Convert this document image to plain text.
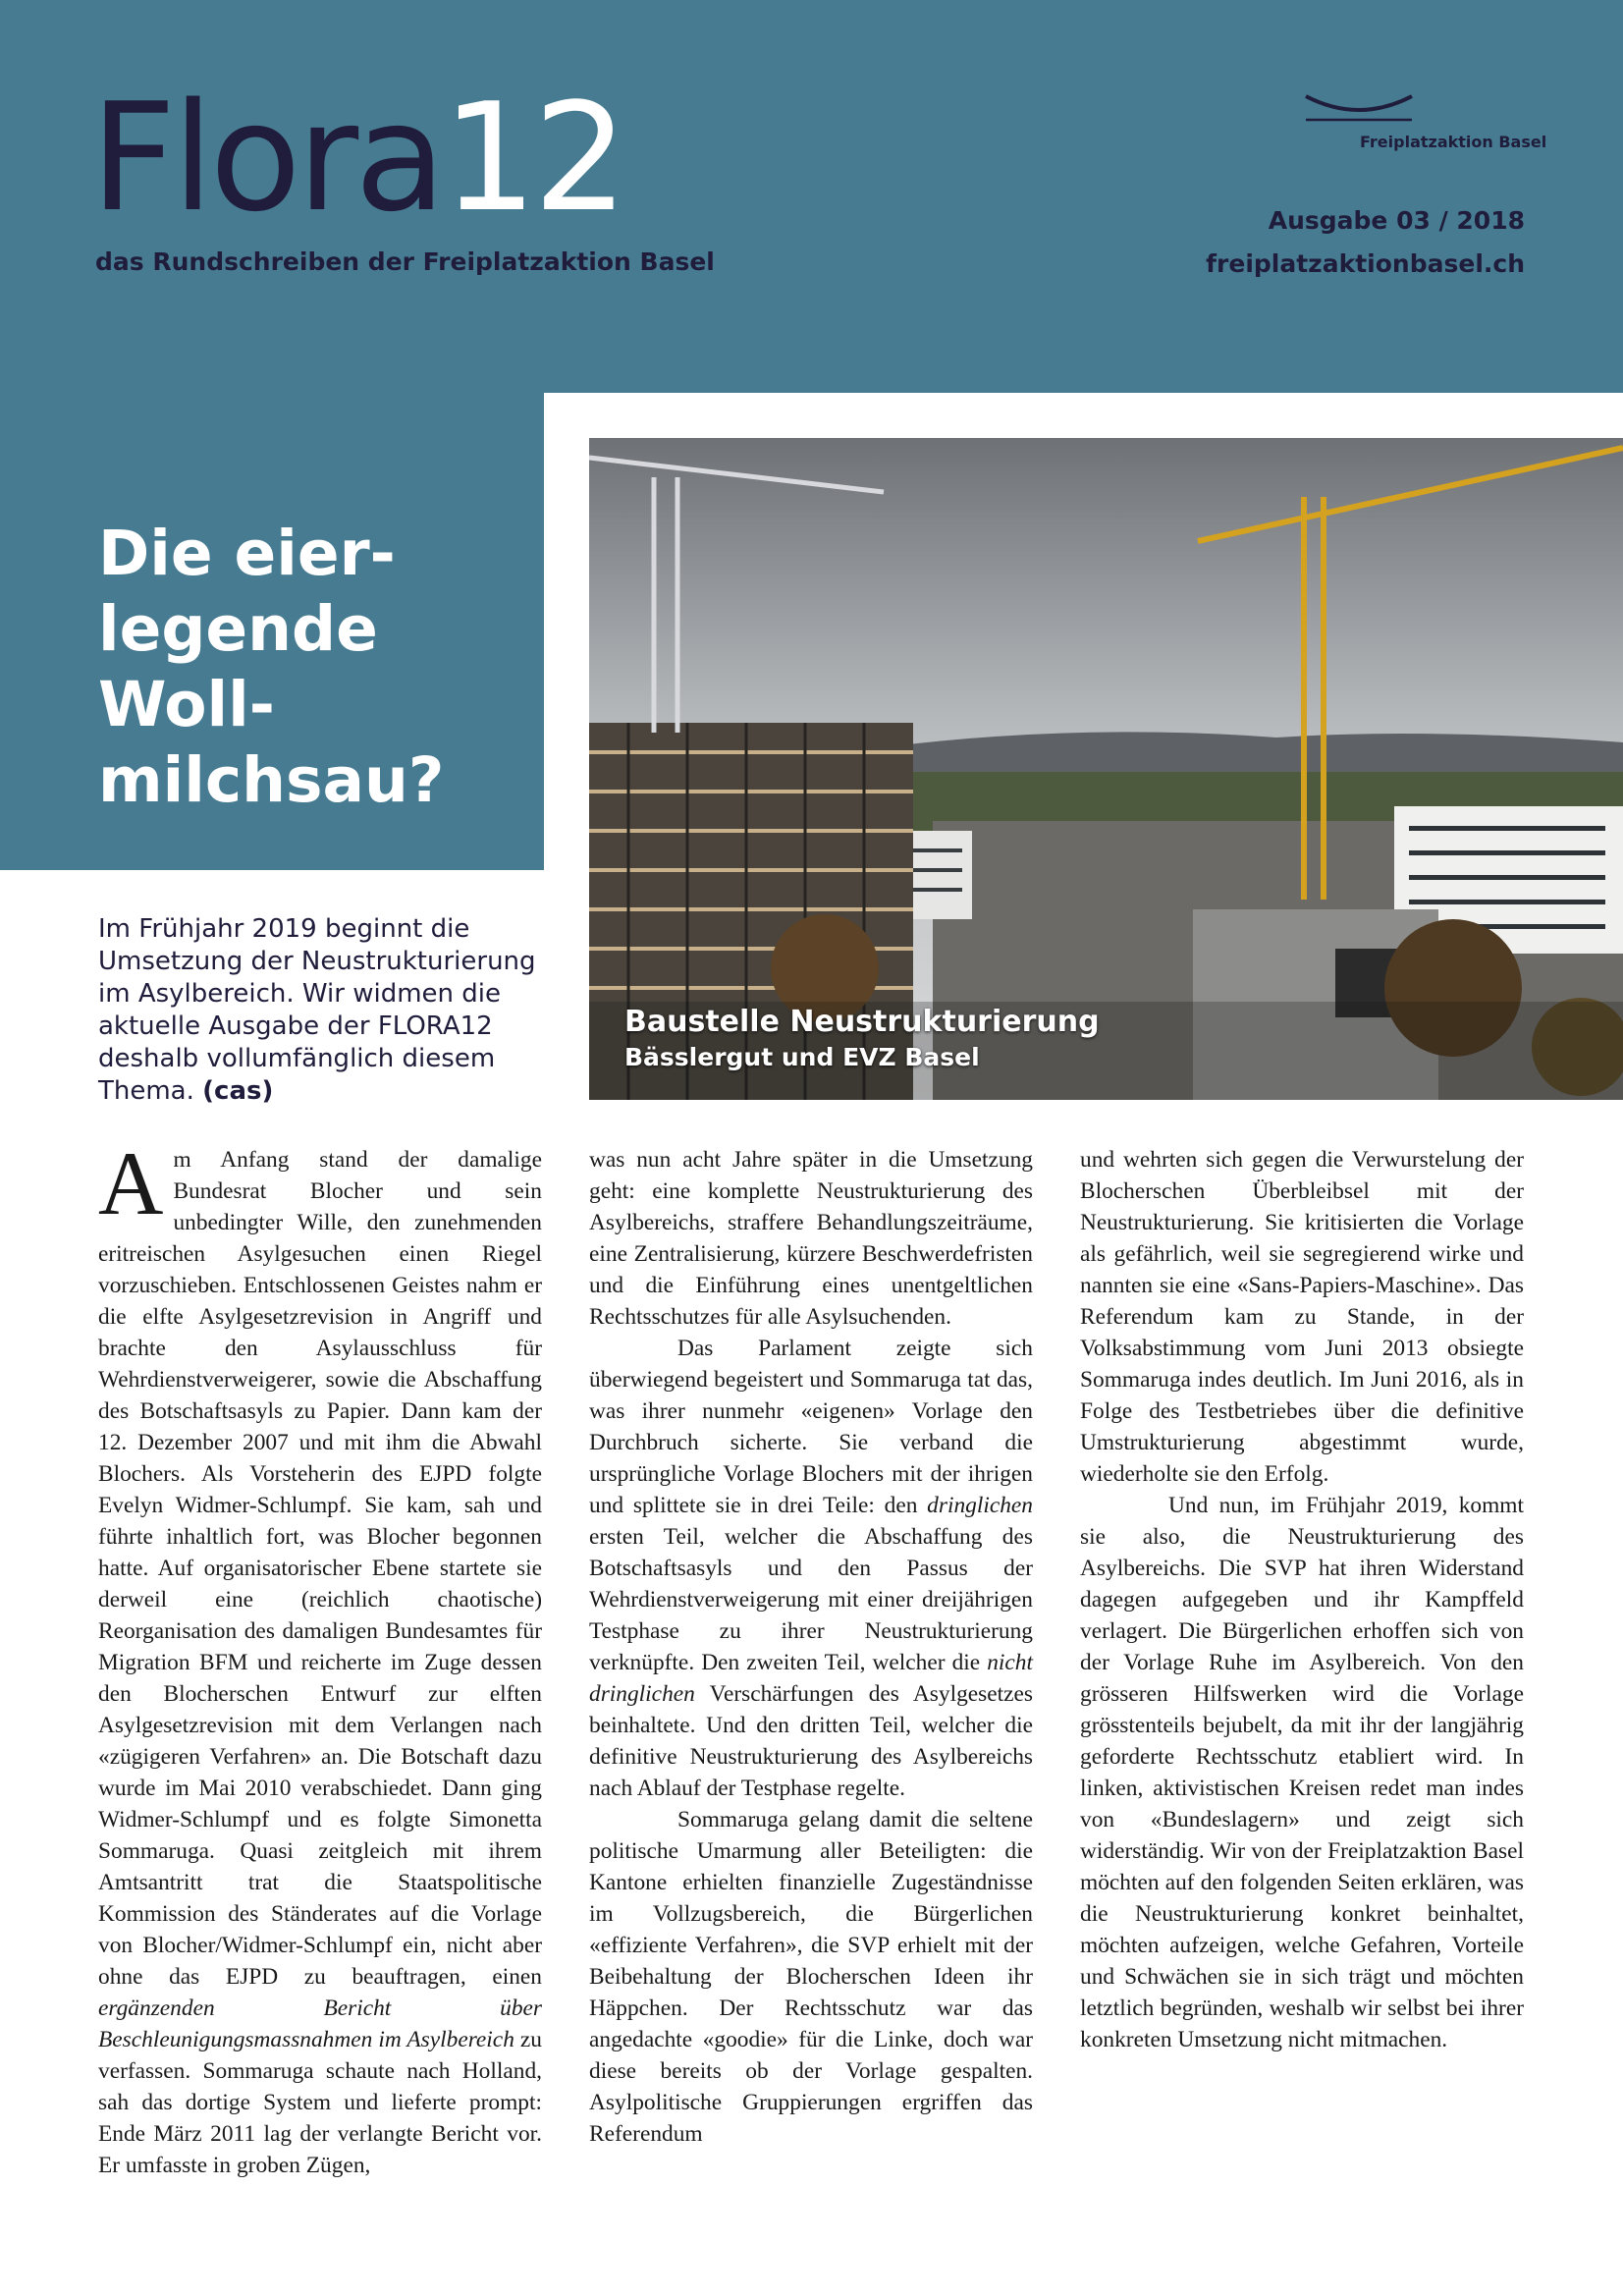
Flora12
das Rundschreiben der Freiplatzaktion Basel
Freiplatzaktion Basel
Ausgabe 03 / 2018
freiplatzaktionbasel.ch
Die eier-
legende
Woll-
milchsau?
Baustelle Neustrukturierung
Bässlergut und EVZ Basel

Im Frühjahr 2019 beginnt die Umsetzung der Neustrukturierung im Asylbereich. Wir widmen die aktuelle Ausgabe der FLORA12 deshalb vollumfänglich diesem Thema. (cas)

Am Anfang stand der damalige Bundesrat Blocher und sein unbedingter Wille, den zunehmenden eritreischen Asylgesuchen einen Riegel vorzuschieben. Entschlossenen Geistes nahm er die elfte Asylgesetzrevision in Angriff und brachte den Asylausschluss für Wehrdienstverweigerer, sowie die Abschaffung des Botschaftsasyls zu Papier. Dann kam der 12. Dezember 2007 und mit ihm die Abwahl Blochers. Als Vorsteherin des EJPD folgte Evelyn Widmer-Schlumpf. Sie kam, sah und führte inhaltlich fort, was Blocher begonnen hatte. Auf organisatorischer Ebene startete sie derweil eine (reichlich chaotische) Reorganisation des damaligen Bundesamtes für Migration BFM und reicherte im Zuge dessen den Blocherschen Entwurf zur elften Asylgesetzrevision mit dem Verlangen nach «zügigeren Verfahren» an. Die Botschaft dazu wurde im Mai 2010 verabschiedet. Dann ging Widmer-Schlumpf und es folgte Simonetta Sommaruga. Quasi zeitgleich mit ihrem Amtsantritt trat die Staatspolitische Kommission des Ständerates auf die Vorlage von Blocher/Widmer-Schlumpf ein, nicht aber ohne das EJPD zu beauftragen, einen ergänzenden Bericht über Beschleunigungsmassnahmen im Asylbereich zu verfassen. Sommaruga schaute nach Holland, sah das dortige System und lieferte prompt: Ende März 2011 lag der verlangte Bericht vor. Er umfasste in groben Zügen,

was nun acht Jahre später in die Umsetzung geht: eine komplette Neustrukturierung des Asylbereichs, straffere Behandlungszeiträume, eine Zentralisierung, kürzere Beschwerdefristen und die Einführung eines unentgeltlichen Rechtsschutzes für alle Asylsuchenden.

Das Parlament zeigte sich überwiegend begeistert und Sommaruga tat das, was ihrer nunmehr «eigenen» Vorlage den Durchbruch sicherte. Sie verband die ursprüngliche Vorlage Blochers mit der ihrigen und splittete sie in drei Teile: den dringlichen ersten Teil, welcher die Abschaffung des Botschaftsasyls und den Passus der Wehrdienstverweigerung mit einer dreijährigen Testphase zu ihrer Neustrukturierung verknüpfte. Den zweiten Teil, welcher die nicht dringlichen Verschärfungen des Asylgesetzes beinhaltete. Und den dritten Teil, welcher die definitive Neustrukturierung des Asylbereichs nach Ablauf der Testphase regelte.

Sommaruga gelang damit die seltene politische Umarmung aller Beteiligten: die Kantone erhielten finanzielle Zugeständnisse im Vollzugsbereich, die Bürgerlichen «effiziente Verfahren», die SVP erhielt mit der Beibehaltung der Blocherschen Ideen ihr Häppchen. Der Rechtsschutz war das angedachte «goodie» für die Linke, doch war diese bereits ob der Vorlage gespalten. Asylpolitische Gruppierungen ergriffen das Referendum

und wehrten sich gegen die Verwurstelung der Blocherschen Überbleibsel mit der Neustrukturierung. Sie kritisierten die Vorlage als gefährlich, weil sie segregierend wirke und nannten sie eine «Sans-Papiers-Maschine». Das Referendum kam zu Stande, in der Volksabstimmung vom Juni 2013 obsiegte Sommaruga indes deutlich. Im Juni 2016, als in Folge des Testbetriebes über die definitive Umstrukturierung abgestimmt wurde, wiederholte sie den Erfolg.

Und nun, im Frühjahr 2019, kommt sie also, die Neustrukturierung des Asylbereichs. Die SVP hat ihren Widerstand dagegen aufgegeben und ihr Kampffeld verlagert. Die Bürgerlichen erhoffen sich von der Vorlage Ruhe im Asylbereich. Von den grösseren Hilfswerken wird die Vorlage grösstenteils bejubelt, da mit ihr der langjährig geforderte Rechtsschutz etabliert wird. In linken, aktivistischen Kreisen redet man indes von «Bundeslagern» und zeigt sich widerständig. Wir von der Freiplatzaktion Basel möchten auf den folgenden Seiten erklären, was die Neustrukturierung konkret beinhaltet, möchten aufzeigen, welche Gefahren, Vorteile und Schwächen sie in sich trägt und möchten letztlich begründen, weshalb wir selbst bei ihrer konkreten Umsetzung nicht mitmachen.
